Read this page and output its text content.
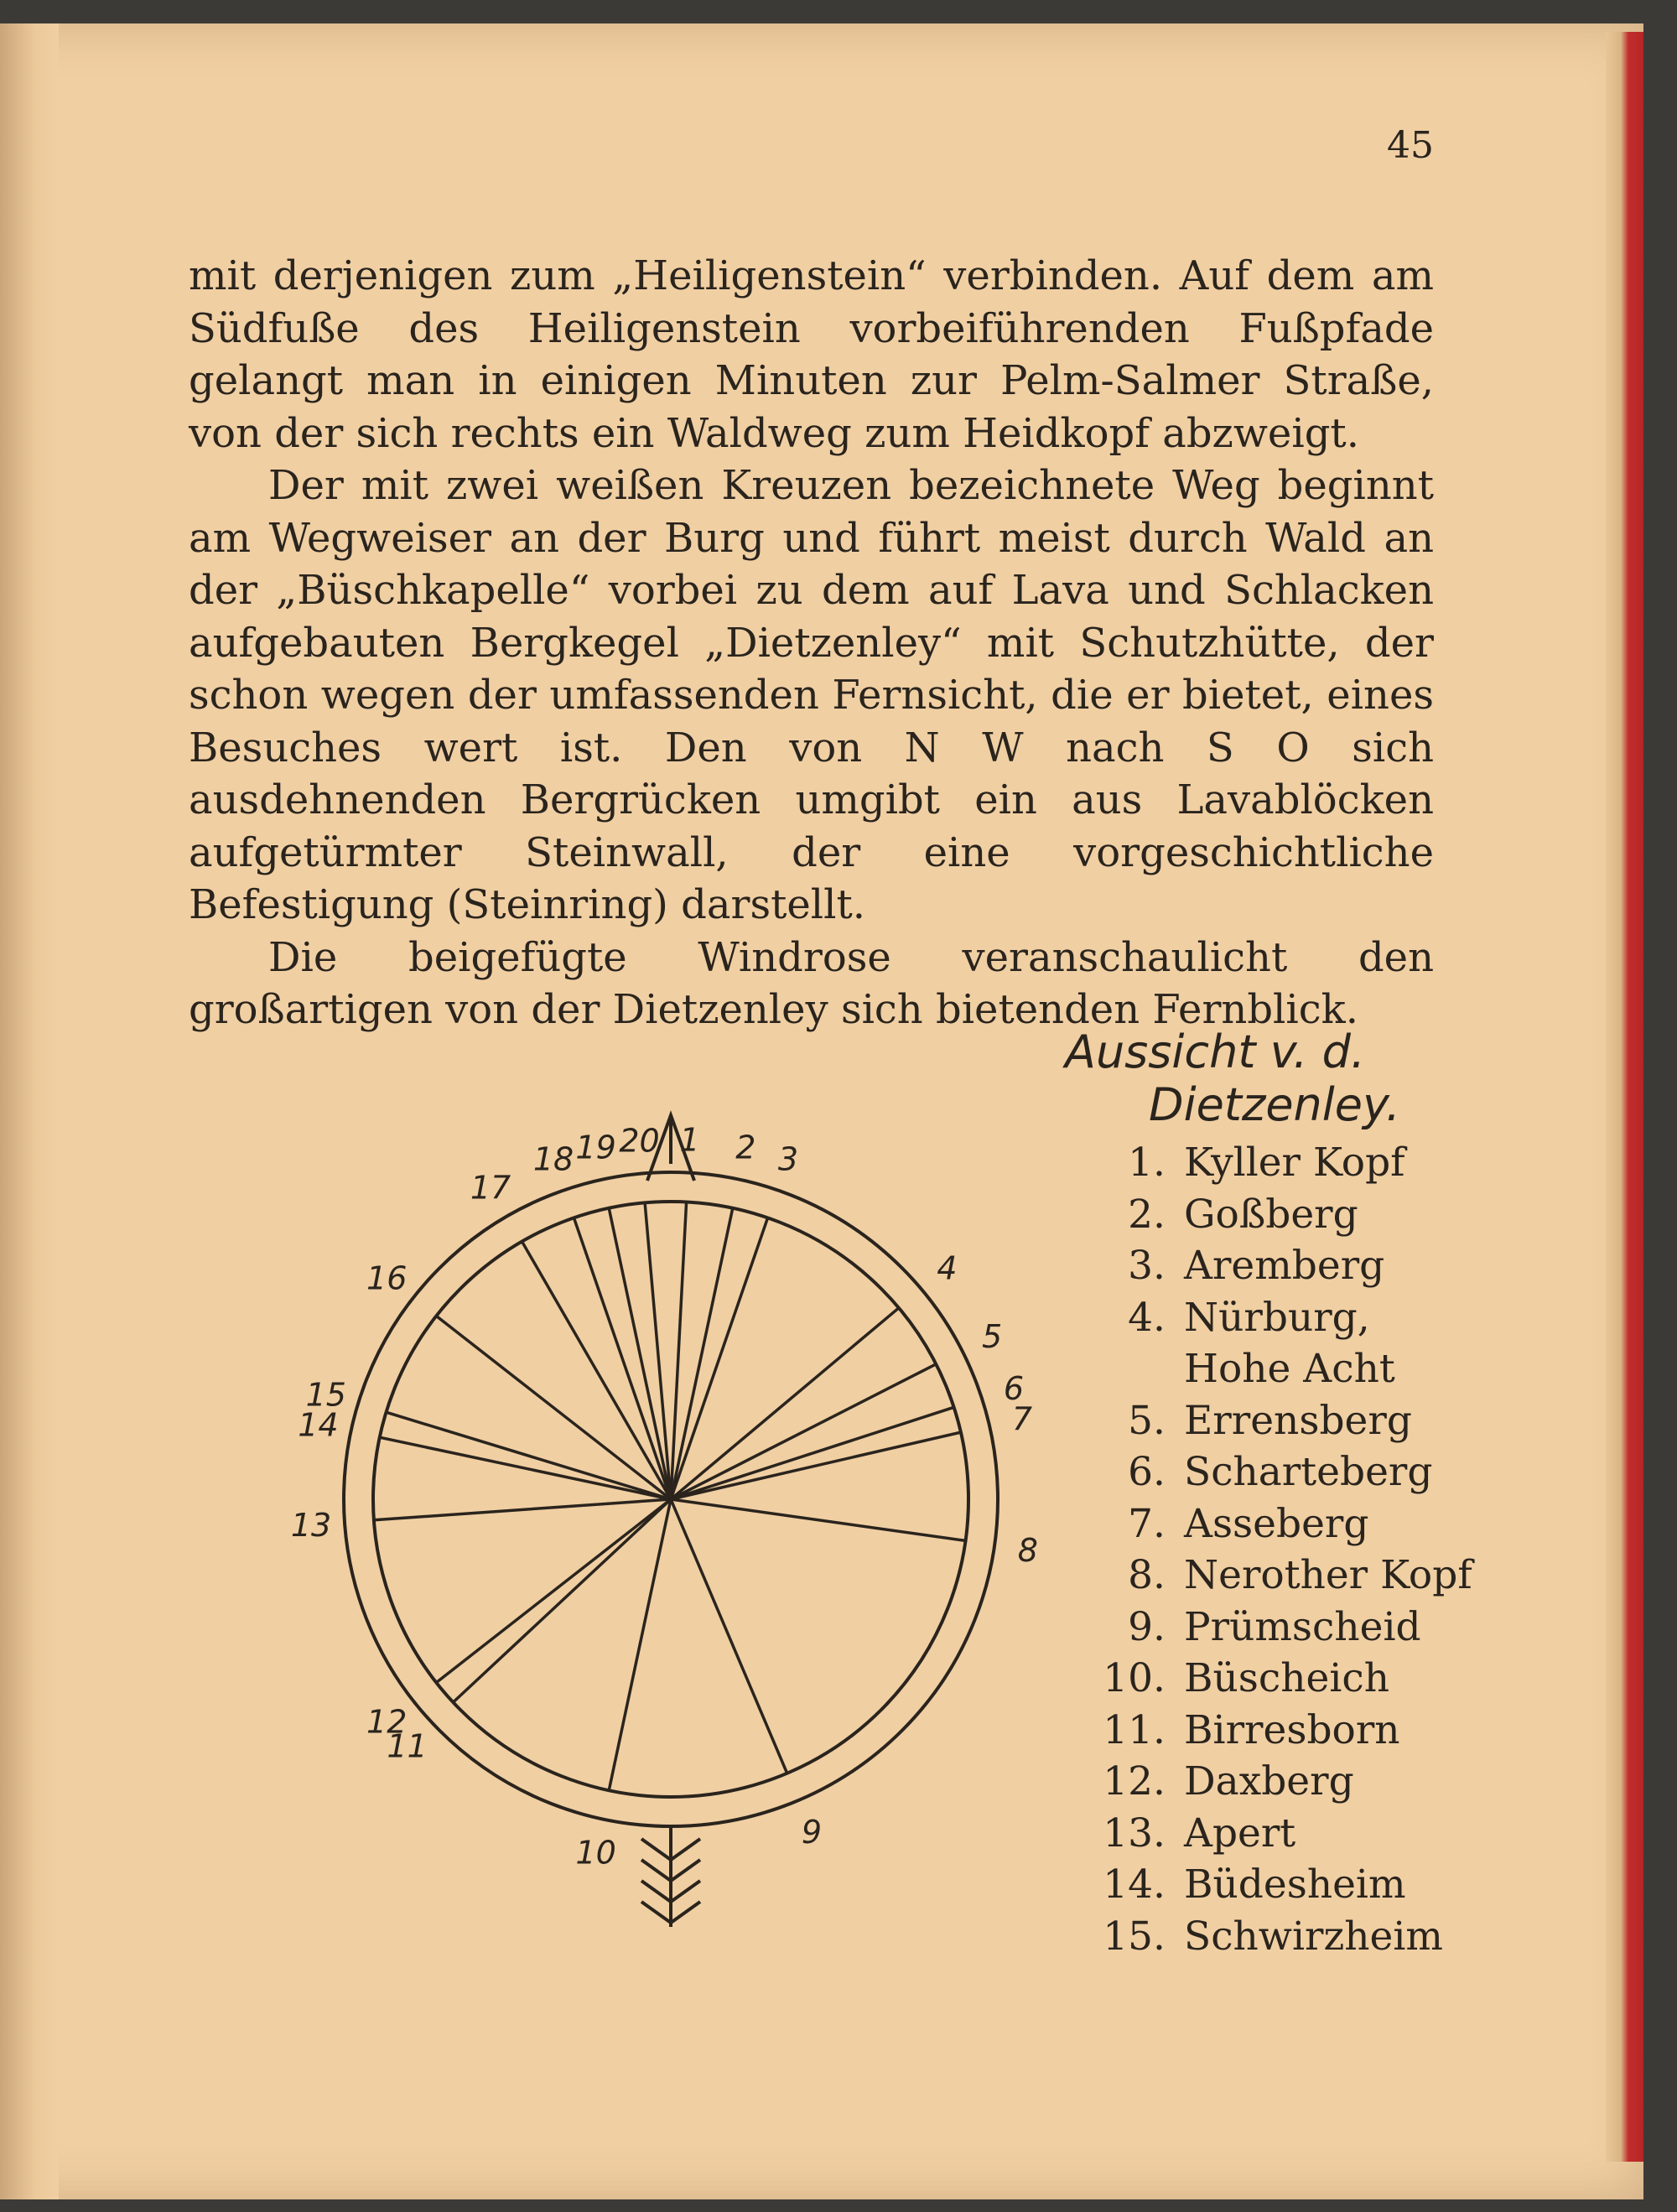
45

mit derjenigen zum „Heiligenstein“ verbinden. Auf dem am Südfuße des Heiligenstein vorbeiführenden Fußpfade gelangt man in einigen Minuten zur Pelm-Salmer Straße, von der sich rechts ein Waldweg zum Heidkopf abzweigt.

Der mit zwei weißen Kreuzen bezeichnete Weg beginnt am Wegweiser an der Burg und führt meist durch Wald an der „Büschkapelle“ vorbei zu dem auf Lava und Schlacken aufgebauten Bergkegel „Dietzenley“ mit Schutzhütte, der schon wegen der umfassenden Fernsicht, die er bietet, eines Besuches wert ist. Den von N W nach S O sich ausdehnenden Bergrücken umgibt ein aus Lavablöcken aufgetürmter Steinwall, der eine vorgeschichtliche Befestigung (Steinring) darstellt.

Die beigefügte Windrose veranschaulicht den großartigen von der Dietzenley sich bietenden Fernblick.

Aussicht v. d.
Dietzenley.
1. Kyller Kopf
2. Goßberg
3. Aremberg
4. Nürburg,
Hohe Acht
5. Errensberg
6. Scharteberg
7. Asseberg
8. Nerother Kopf
9. Prümscheid
10. Büscheich
11. Birresborn
12. Daxberg
13. Apert
14. Büdesheim
15. Schwirzheim
1 2 3
4
5
6
7
8
9
10
11
12
13
14
15
16
17
18 19 20
